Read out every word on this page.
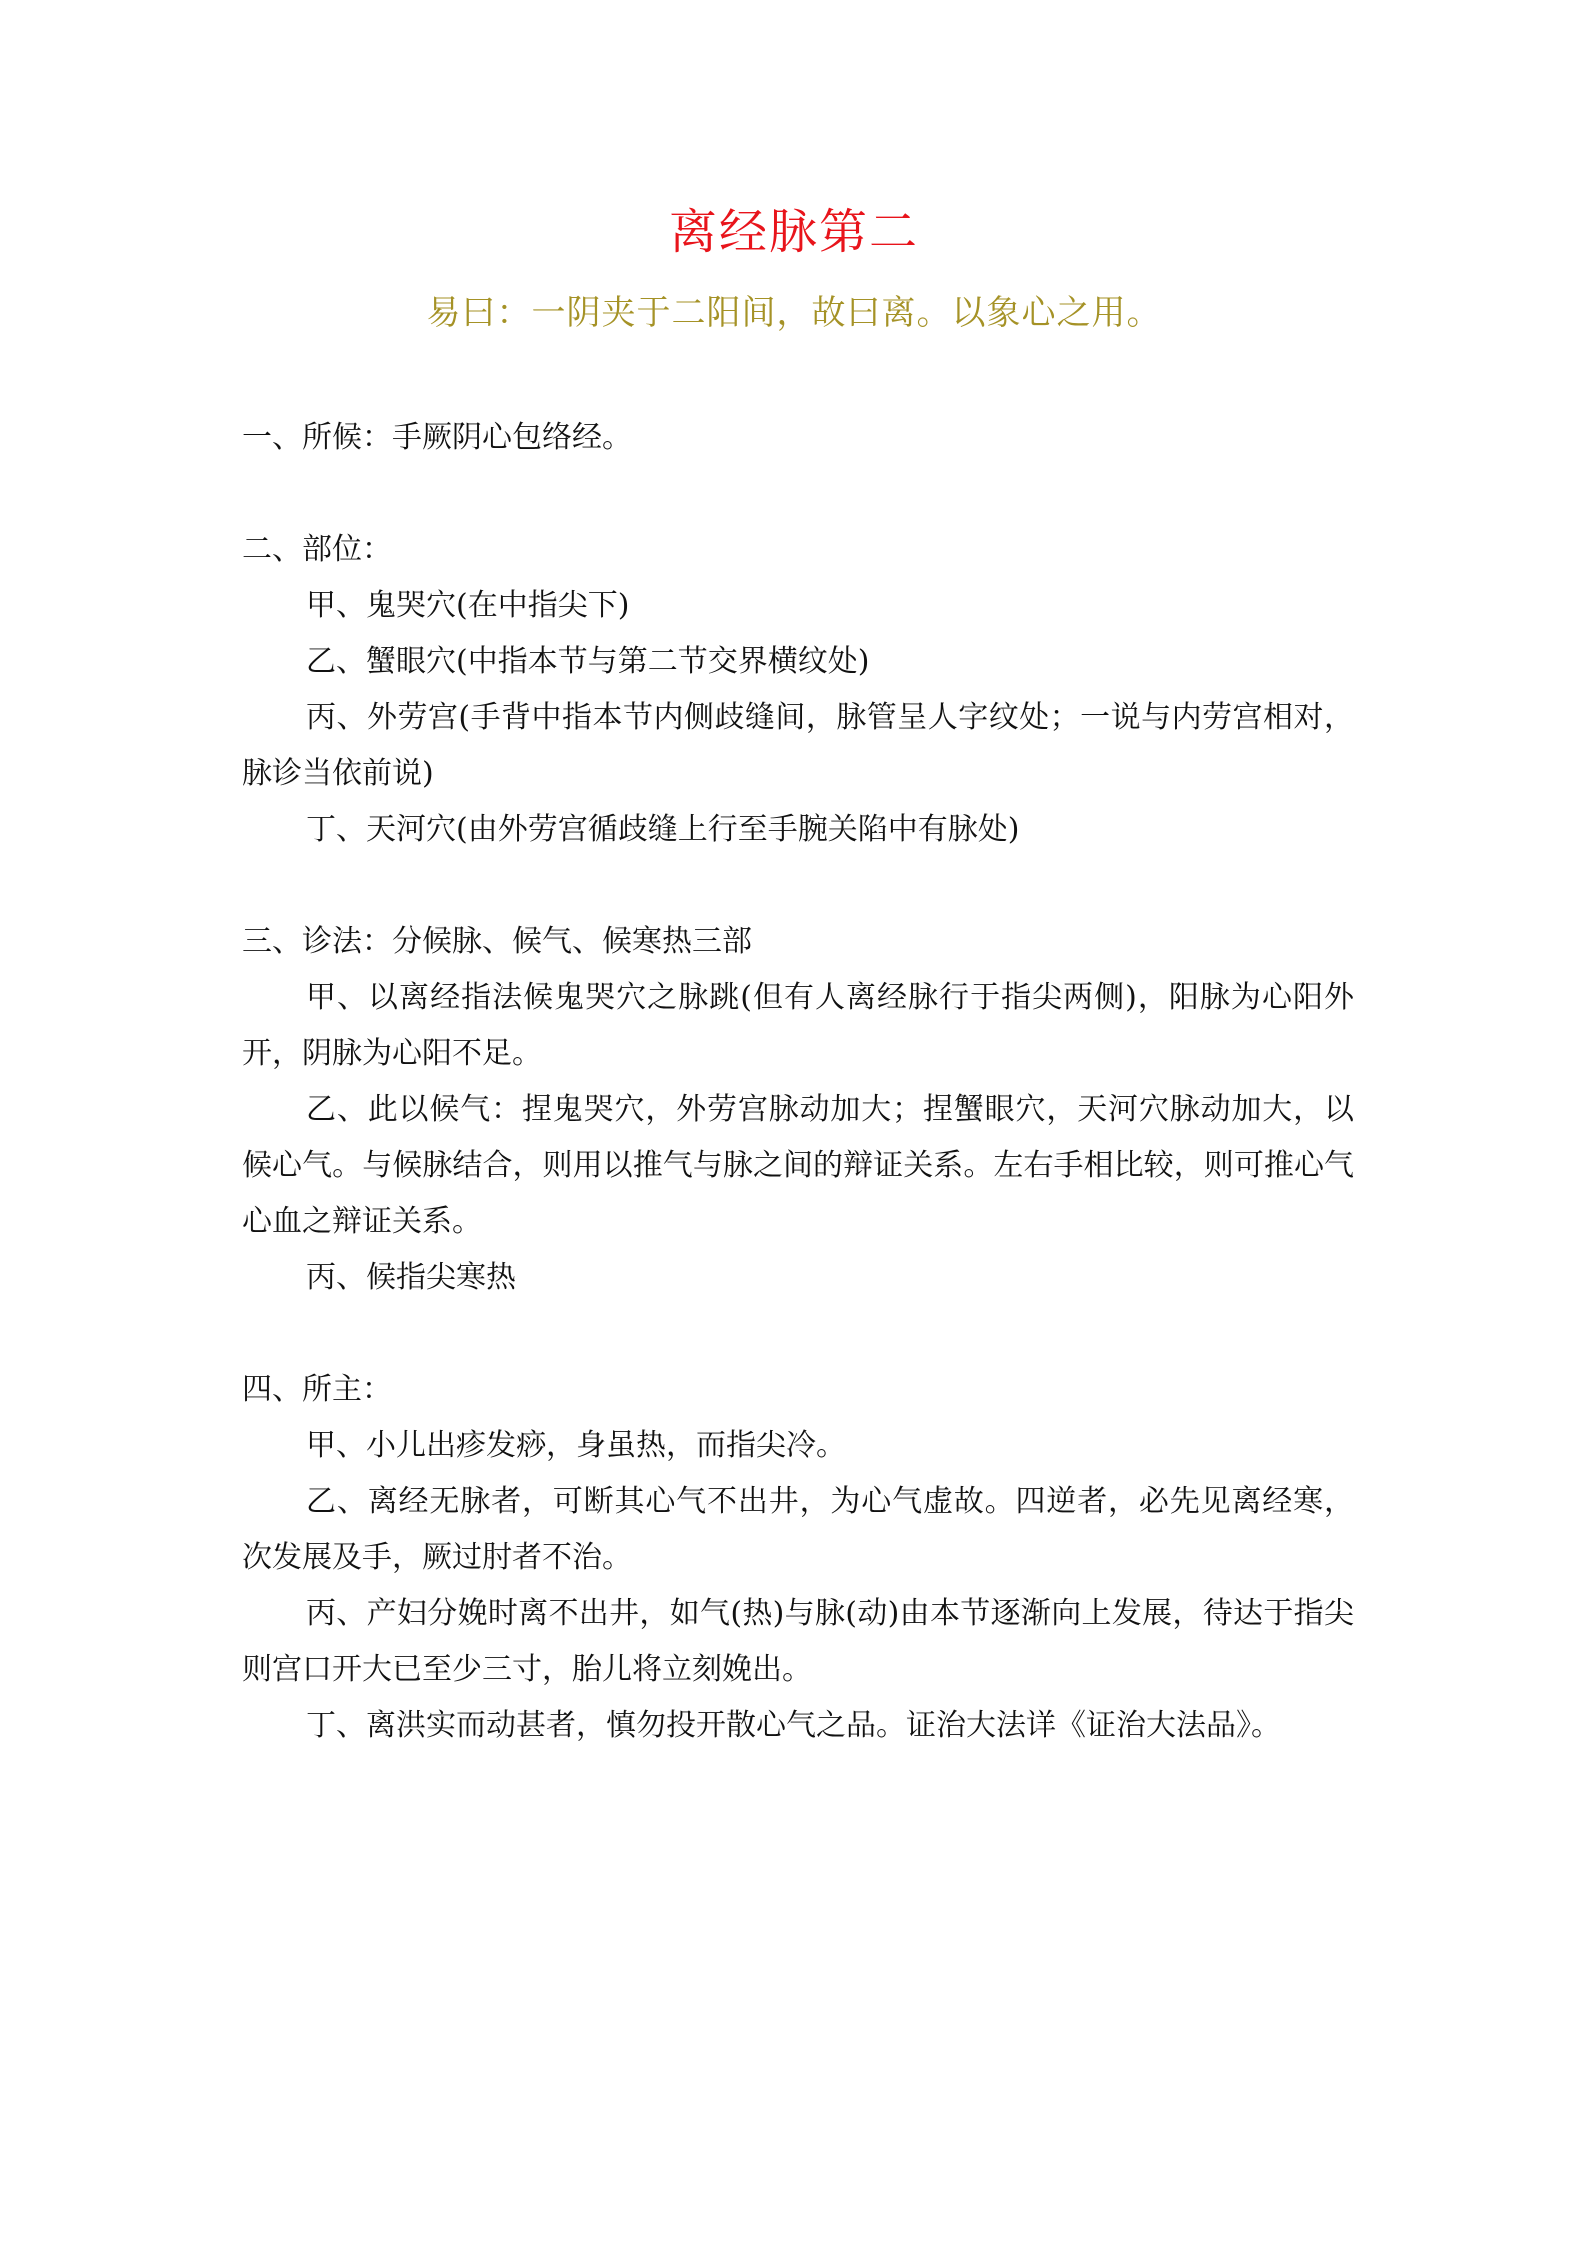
离经脉第二
易曰：一阴夹于二阳间，故曰离。以象心之用。

一、所候：手厥阴心包络经。

二、部位：

甲、鬼哭穴(在中指尖下)

乙、蟹眼穴(中指本节与第二节交界横纹处)

丙、外劳宫(手背中指本节内侧歧缝间，脉管呈人字纹处；一说与内劳宫相对，脉诊当依前说)

丁、天河穴(由外劳宫循歧缝上行至手腕关陷中有脉处)

三、诊法：分候脉、候气、候寒热三部

甲、以离经指法候鬼哭穴之脉跳(但有人离经脉行于指尖两侧)，阳脉为心阳外开，阴脉为心阳不足。

乙、此以候气：捏鬼哭穴，外劳宫脉动加大；捏蟹眼穴，天河穴脉动加大，以候心气。与候脉结合，则用以推气与脉之间的辩证关系。左右手相比较，则可推心气心血之辩证关系。

丙、候指尖寒热

四、所主：

甲、小儿出疹发痧，身虽热，而指尖冷。

乙、离经无脉者，可断其心气不出井，为心气虚故。四逆者，必先见离经寒，次发展及手，厥过肘者不治。

丙、产妇分娩时离不出井，如气(热)与脉(动)由本节逐渐向上发展，待达于指尖则宫口开大已至少三寸，胎儿将立刻娩出。

丁、离洪实而动甚者，慎勿投开散心气之品。证治大法详《证治大法品》。
